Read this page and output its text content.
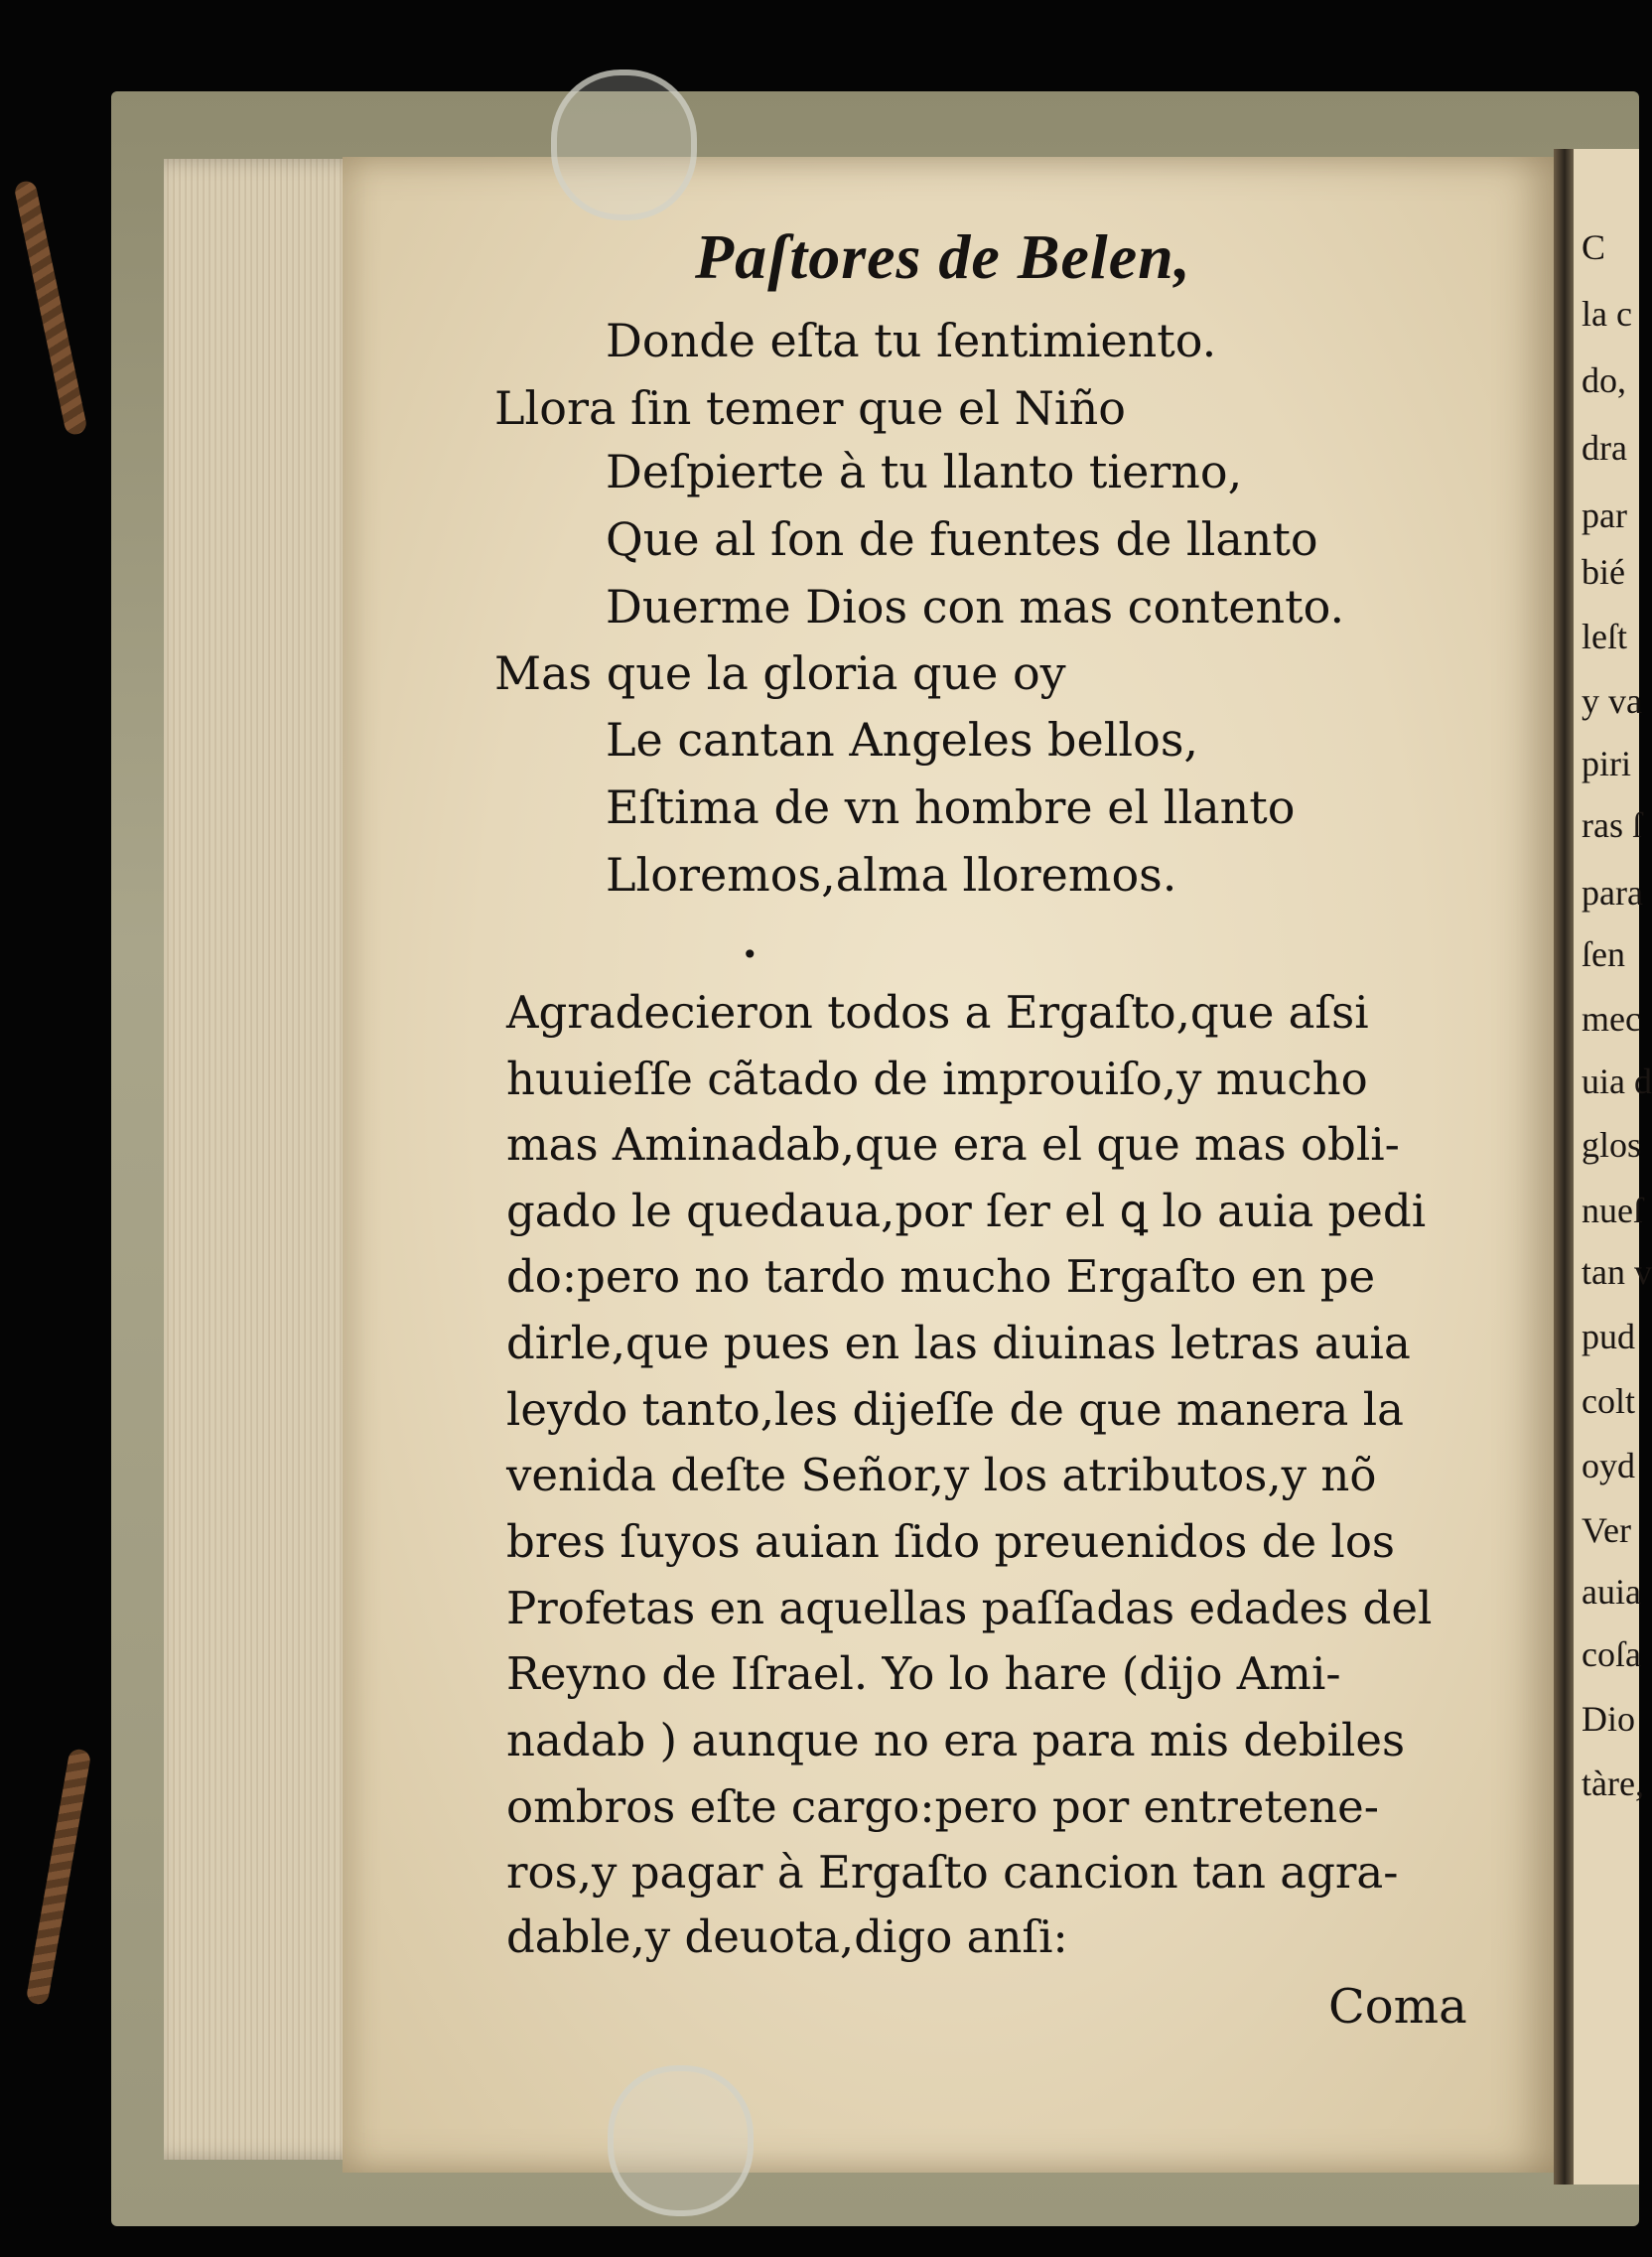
C
la c
do,
dra
par
bié
leſt
y va
piri
ras ſ
para
ſen
mec
uia d
glos
nueſ
tan v
pud
colt
oyd
Ver
auia
coſa
Dio
tàre,
Paſtores de Belen,
Donde eſta tu ſentimiento.
Llora ſin temer que el Niño
Deſpierte à tu llanto tierno,
Que al ſon de fuentes de llanto
Duerme Dios con mas contento.
Mas que la gloria que oy
Le cantan Angeles bellos,
Eſtima de vn hombre el llanto
Lloremos,alma lloremos.
•
Agradecieron todos a Ergaſto,que aſsi
huuieſſe cãtado de improuiſo,y mucho
mas Aminadab,que era el que mas obli-
gado le quedaua,por ſer el ꝗ lo auia pedi
do:pero no tardo mucho Ergaſto en pe
dirle,que pues en las diuinas letras auia
leydo tanto,les dijeſſe de que manera la
venida deſte Señor,y los atributos,y nõ
bres ſuyos auian ſido preuenidos de los
Profetas en aquellas paſſadas edades del
Reyno de Iſrael. Yo lo hare (dijo Ami-
nadab ) aunque no era para mis debiles
ombros eſte cargo:pero por entretene-
ros,y pagar à Ergaſto cancion tan agra-
dable,y deuota,digo anſi:
Coma
